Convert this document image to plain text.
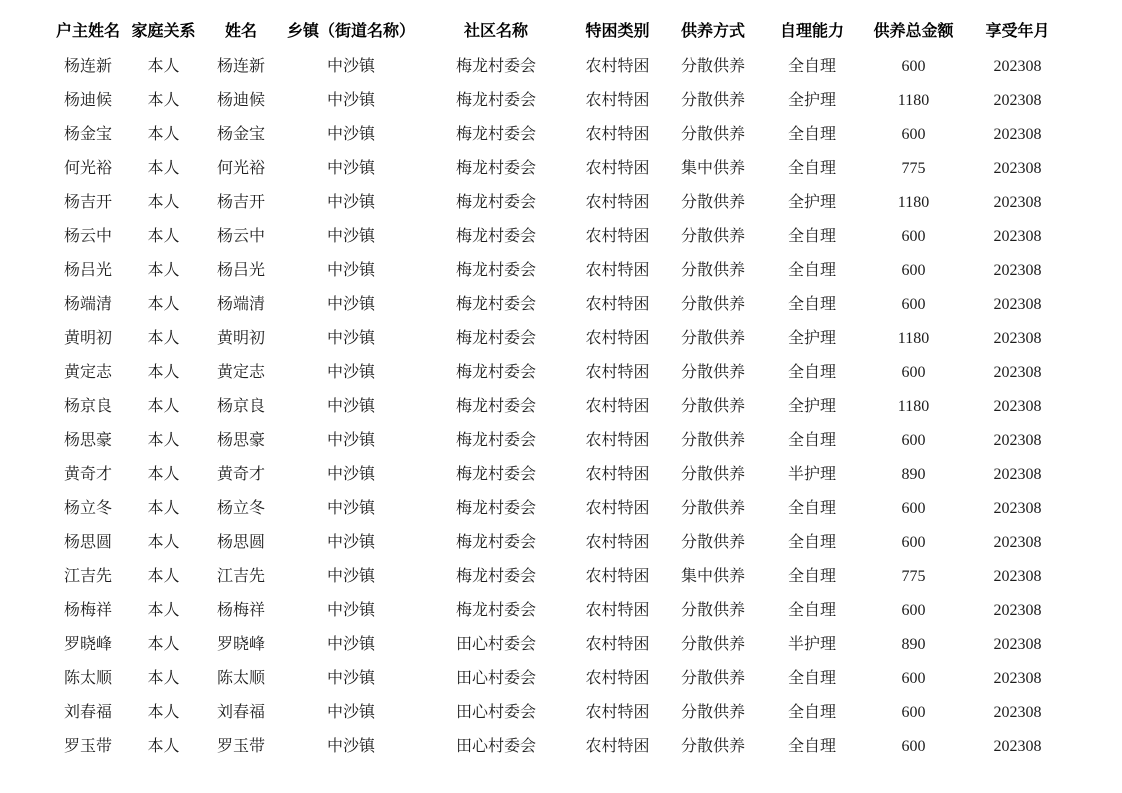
户主姓名	家庭关系	姓名	乡镇（街道名称）	社区名称	特困类别	供养方式	自理能力	供养总金额	享受年月
杨连新	本人	杨连新	中沙镇	梅龙村委会	农村特困	分散供养	全自理	600	202308
杨迪候	本人	杨迪候	中沙镇	梅龙村委会	农村特困	分散供养	全护理	1180	202308
杨金宝	本人	杨金宝	中沙镇	梅龙村委会	农村特困	分散供养	全自理	600	202308
何光裕	本人	何光裕	中沙镇	梅龙村委会	农村特困	集中供养	全自理	775	202308
杨吉开	本人	杨吉开	中沙镇	梅龙村委会	农村特困	分散供养	全护理	1180	202308
杨云中	本人	杨云中	中沙镇	梅龙村委会	农村特困	分散供养	全自理	600	202308
杨吕光	本人	杨吕光	中沙镇	梅龙村委会	农村特困	分散供养	全自理	600	202308
杨端清	本人	杨端清	中沙镇	梅龙村委会	农村特困	分散供养	全自理	600	202308
黄明初	本人	黄明初	中沙镇	梅龙村委会	农村特困	分散供养	全护理	1180	202308
黄定志	本人	黄定志	中沙镇	梅龙村委会	农村特困	分散供养	全自理	600	202308
杨京良	本人	杨京良	中沙镇	梅龙村委会	农村特困	分散供养	全护理	1180	202308
杨思豪	本人	杨思豪	中沙镇	梅龙村委会	农村特困	分散供养	全自理	600	202308
黄奇才	本人	黄奇才	中沙镇	梅龙村委会	农村特困	分散供养	半护理	890	202308
杨立冬	本人	杨立冬	中沙镇	梅龙村委会	农村特困	分散供养	全自理	600	202308
杨思圆	本人	杨思圆	中沙镇	梅龙村委会	农村特困	分散供养	全自理	600	202308
江吉先	本人	江吉先	中沙镇	梅龙村委会	农村特困	集中供养	全自理	775	202308
杨梅祥	本人	杨梅祥	中沙镇	梅龙村委会	农村特困	分散供养	全自理	600	202308
罗晓峰	本人	罗晓峰	中沙镇	田心村委会	农村特困	分散供养	半护理	890	202308
陈太顺	本人	陈太顺	中沙镇	田心村委会	农村特困	分散供养	全自理	600	202308
刘春福	本人	刘春福	中沙镇	田心村委会	农村特困	分散供养	全自理	600	202308
罗玉带	本人	罗玉带	中沙镇	田心村委会	农村特困	分散供养	全自理	600	202308
